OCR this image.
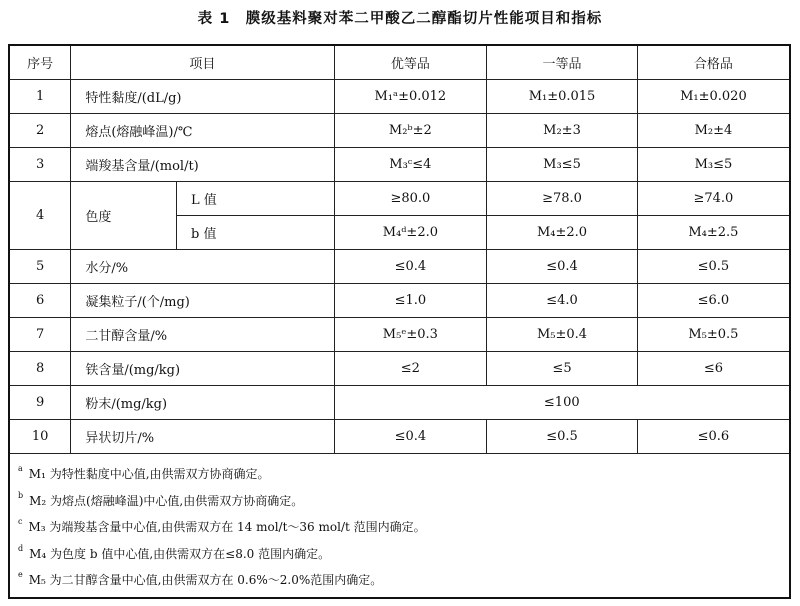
表 1　膜级基料聚对苯二甲酸乙二醇酯切片性能项目和指标
序号	项目		优等品	一等品	合格品
1	特性黏度/(dL/g)		M₁ᵃ±0.012	M₁±0.015	M₁±0.020
2	熔点(熔融峰温)/℃		M₂ᵇ±2	M₂±3	M₂±4
3	端羧基含量/(mol/t)		M₃ᶜ≤4	M₃≤5	M₃≤5
4	色度	L 值	≥80.0	≥78.0	≥74.0
		b 值	M₄ᵈ±2.0	M₄±2.0	M₄±2.5
5	水分/%		≤0.4	≤0.4	≤0.5
6	凝集粒子/(个/mg)		≤1.0	≤4.0	≤6.0
7	二甘醇含量/%		M₅ᵉ±0.3	M₅±0.4	M₅±0.5
8	铁含量/(mg/kg)		≤2	≤5	≤6
9	粉末/(mg/kg)		≤100		
10	异状切片/%		≤0.4	≤0.5	≤0.6

$^a$ M₁ 为特性黏度中心值,由供需双方协商确定。
$^b$ M₂ 为熔点(熔融峰温)中心值,由供需双方协商确定。
$^c$ M₃ 为端羧基含量中心值,由供需双方在 14 mol/t～36 mol/t 范围内确定。
$^d$ M₄ 为色度 b 值中心值,由供需双方在≤8.0 范围内确定。
$^e$ M₅ 为二甘醇含量中心值,由供需双方在 0.6%～2.0%范围内确定。					
